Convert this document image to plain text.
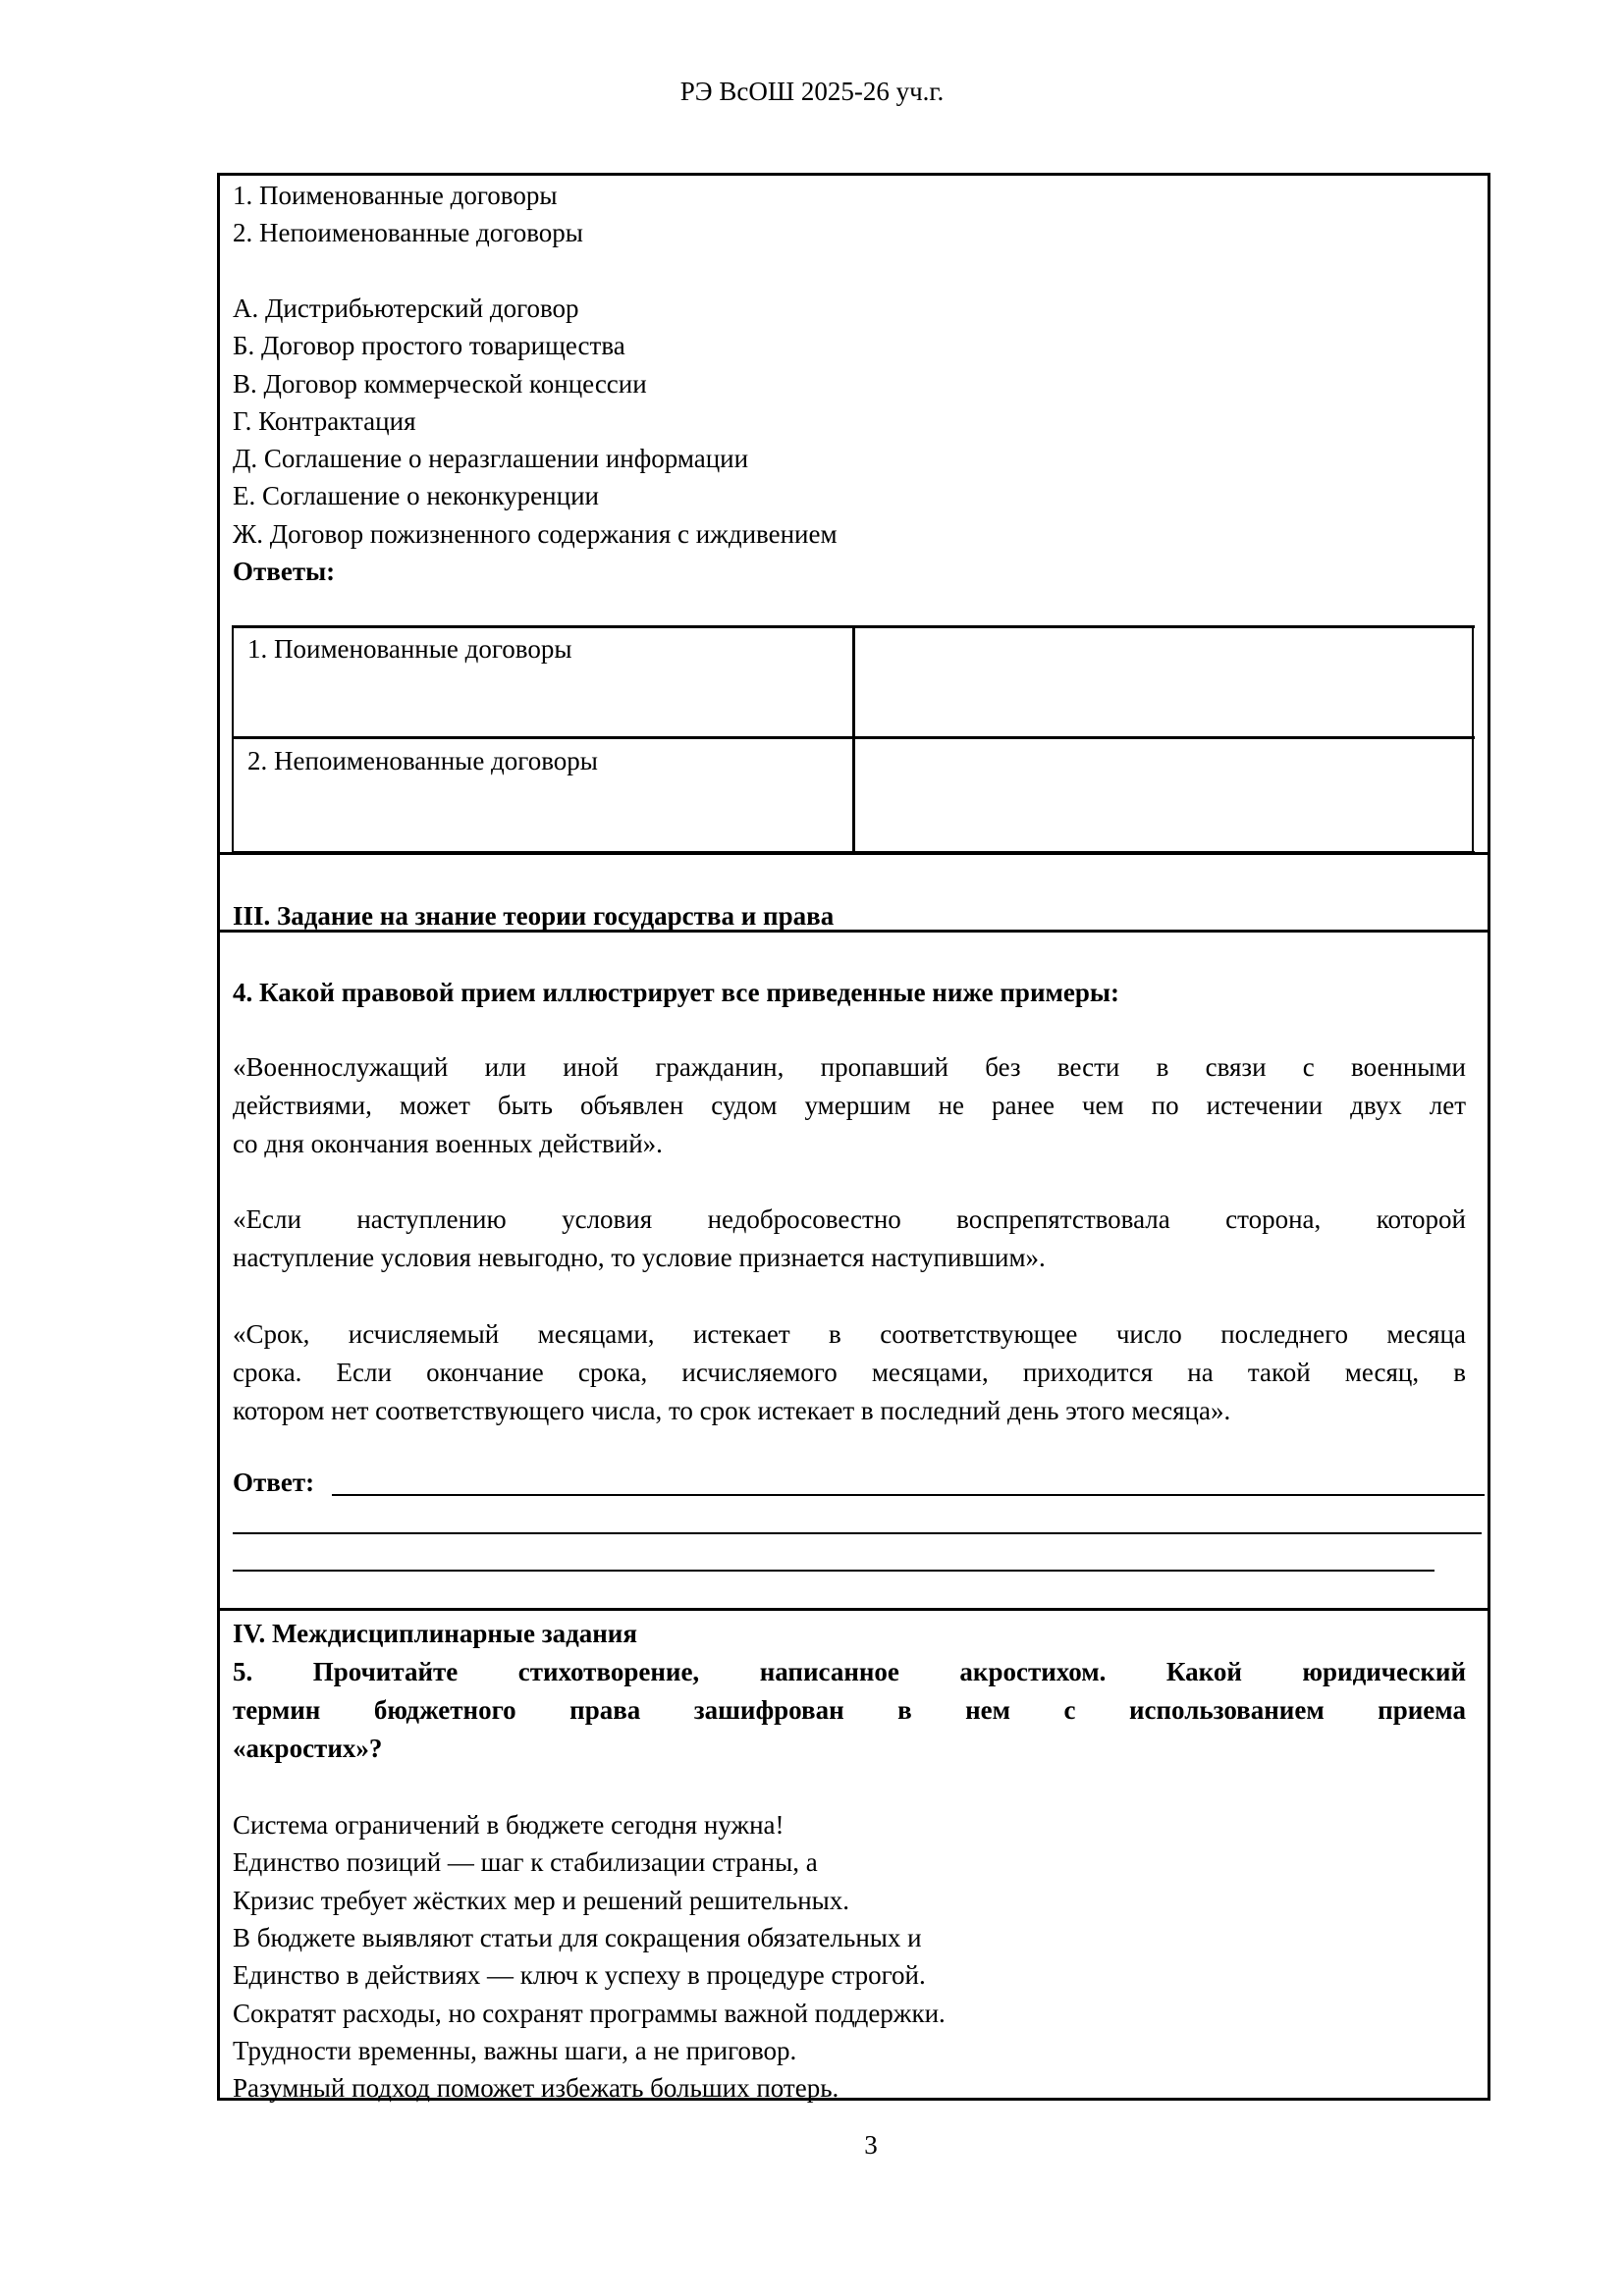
РЭ ВсОШ 2025-26 уч.г.
1. Поименованные договоры
2. Непоименованные договоры
А. Дистрибьютерский договор
Б. Договор простого товарищества
В. Договор коммерческой концессии
Г. Контрактация
Д. Соглашение о неразглашении информации
Е. Соглашение о неконкуренции
Ж. Договор пожизненного содержания с иждивением
Ответы:
1. Поименованные договоры
2. Непоименованные договоры
III. Задание на знание теории государства и права
4. Какой правовой прием иллюстрирует все приведенные ниже примеры:
«Военнослужащий или иной гражданин, пропавший без вести в связи с военными
действиями, может быть объявлен судом умершим не ранее чем по истечении двух лет
со дня окончания военных действий».
«Если наступлению условия недобросовестно воспрепятствовала сторона, которой
наступление условия невыгодно, то условие признается наступившим».
«Срок, исчисляемый месяцами, истекает в соответствующее число последнего месяца
срока. Если окончание срока, исчисляемого месяцами, приходится на такой месяц, в
котором нет соответствующего числа, то срок истекает в последний день этого месяца».
Ответ:
IV. Междисциплинарные задания
5. Прочитайте стихотворение, написанное акростихом. Какой юридический
термин бюджетного права зашифрован в нем с использованием приема
«акростих»?
Система ограничений в бюджете сегодня нужна!
Единство позиций — шаг к стабилизации страны, а
Кризис требует жёстких мер и решений решительных.
В бюджете выявляют статьи для сокращения обязательных и
Единство в действиях — ключ к успеху в процедуре строгой.
Сократят расходы, но сохранят программы важной поддержки.
Трудности временны, важны шаги, а не приговор.
Разумный подход поможет избежать больших потерь.
3
